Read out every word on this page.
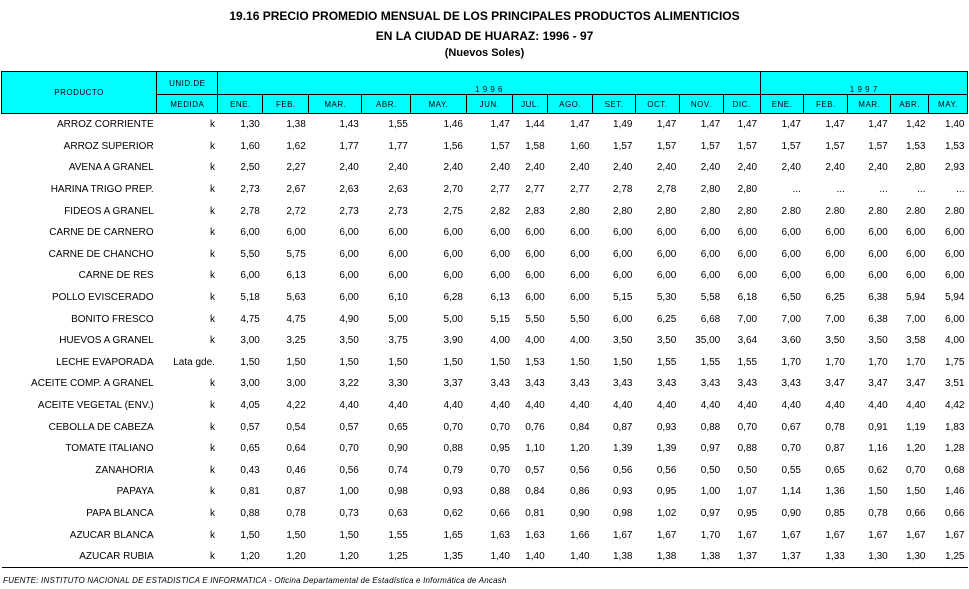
19.16 PRECIO PROMEDIO MENSUAL DE LOS PRINCIPALES PRODUCTOS ALIMENTICIOS
EN LA CIUDAD DE HUARAZ: 1996 - 97
(Nuevos Soles)
PRODUCTO	UNID.DE	1 9 9 6												1 9 9 7				
	MEDIDA	ENE.	FEB.	MAR.	ABR.	MAY.	JUN.	JUL.	AGO.	SET.	OCT.	NOV.	DIC.	ENE.	FEB.	MAR.	ABR.	MAY.
ARROZ CORRIENTE	k	1,30	1,38	1,43	1,55	1,46	1,47	1,44	1,47	1,49	1,47	1,47	1,47	1,47	1,47	1,47	1,42	1,40
ARROZ SUPERIOR	k	1,60	1,62	1,77	1,77	1,56	1,57	1,58	1,60	1,57	1,57	1,57	1,57	1,57	1,57	1,57	1,53	1,53
AVENA A GRANEL	k	2,50	2,27	2,40	2,40	2,40	2,40	2,40	2,40	2,40	2,40	2,40	2,40	2,40	2,40	2,40	2,80	2,93
HARINA TRIGO PREP.	k	2,73	2,67	2,63	2,63	2,70	2,77	2,77	2,77	2,78	2,78	2,80	2,80	...	...	...	...	...
FIDEOS A GRANEL	k	2,78	2,72	2,73	2,73	2,75	2,82	2,83	2,80	2,80	2,80	2,80	2,80	2.80	2.80	2.80	2.80	2.80
CARNE DE CARNERO	k	6,00	6,00	6,00	6,00	6,00	6,00	6,00	6,00	6,00	6,00	6,00	6,00	6,00	6,00	6,00	6,00	6,00
CARNE DE CHANCHO	k	5,50	5,75	6,00	6,00	6,00	6,00	6,00	6,00	6,00	6,00	6,00	6,00	6,00	6,00	6,00	6,00	6,00
CARNE DE RES	k	6,00	6,13	6,00	6,00	6,00	6,00	6,00	6,00	6,00	6,00	6,00	6,00	6,00	6,00	6,00	6,00	6,00
POLLO EVISCERADO	k	5,18	5,63	6,00	6,10	6,28	6,13	6,00	6,00	5,15	5,30	5,58	6,18	6,50	6,25	6,38	5,94	5,94
BONITO FRESCO	k	4,75	4,75	4,90	5,00	5,00	5,15	5,50	5,50	6,00	6,25	6,68	7,00	7,00	7,00	6,38	7,00	6,00
HUEVOS A GRANEL	k	3,00	3,25	3,50	3,75	3,90	4,00	4,00	4,00	3,50	3,50	35,00	3,64	3,60	3,50	3,50	3,58	4,00
LECHE EVAPORADA	Lata gde.	1,50	1,50	1,50	1,50	1,50	1,50	1,53	1,50	1,50	1,55	1,55	1,55	1,70	1,70	1,70	1,70	1,75
ACEITE COMP. A GRANEL	k	3,00	3,00	3,22	3,30	3,37	3,43	3,43	3,43	3,43	3,43	3,43	3,43	3,43	3,47	3,47	3,47	3,51
ACEITE VEGETAL (ENV.)	k	4,05	4,22	4,40	4,40	4,40	4,40	4,40	4,40	4,40	4,40	4,40	4,40	4,40	4,40	4,40	4,40	4,42
CEBOLLA DE CABEZA	k	0,57	0,54	0,57	0,65	0,70	0,70	0,76	0,84	0,87	0,93	0,88	0,70	0,67	0,78	0,91	1,19	1,83
TOMATE ITALIANO	k	0,65	0,64	0,70	0,90	0,88	0,95	1,10	1,20	1,39	1,39	0,97	0,88	0,70	0,87	1,16	1,20	1,28
ZANAHORIA	k	0,43	0,46	0,56	0,74	0,79	0,70	0,57	0,56	0,56	0,56	0,50	0,50	0,55	0,65	0,62	0,70	0,68
PAPAYA	k	0,81	0,87	1,00	0,98	0,93	0,88	0,84	0,86	0,93	0,95	1,00	1,07	1,14	1,36	1,50	1,50	1,46
PAPA BLANCA	k	0,88	0,78	0,73	0,63	0,62	0,66	0,81	0,90	0,98	1,02	0,97	0,95	0,90	0,85	0,78	0,66	0,66
AZUCAR BLANCA	k	1,50	1,50	1,50	1,55	1,65	1,63	1,63	1,66	1,67	1,67	1,70	1,67	1,67	1,67	1,67	1,67	1,67
AZUCAR RUBIA	k	1,20	1,20	1,20	1,25	1,35	1,40	1,40	1,40	1,38	1,38	1,38	1,37	1,37	1,33	1,30	1,30	1,25
FUENTE: INSTITUTO NACIONAL DE ESTADISTICA E INFORMATICA - Oficina Departamental de Estadística e Informática de Ancash
